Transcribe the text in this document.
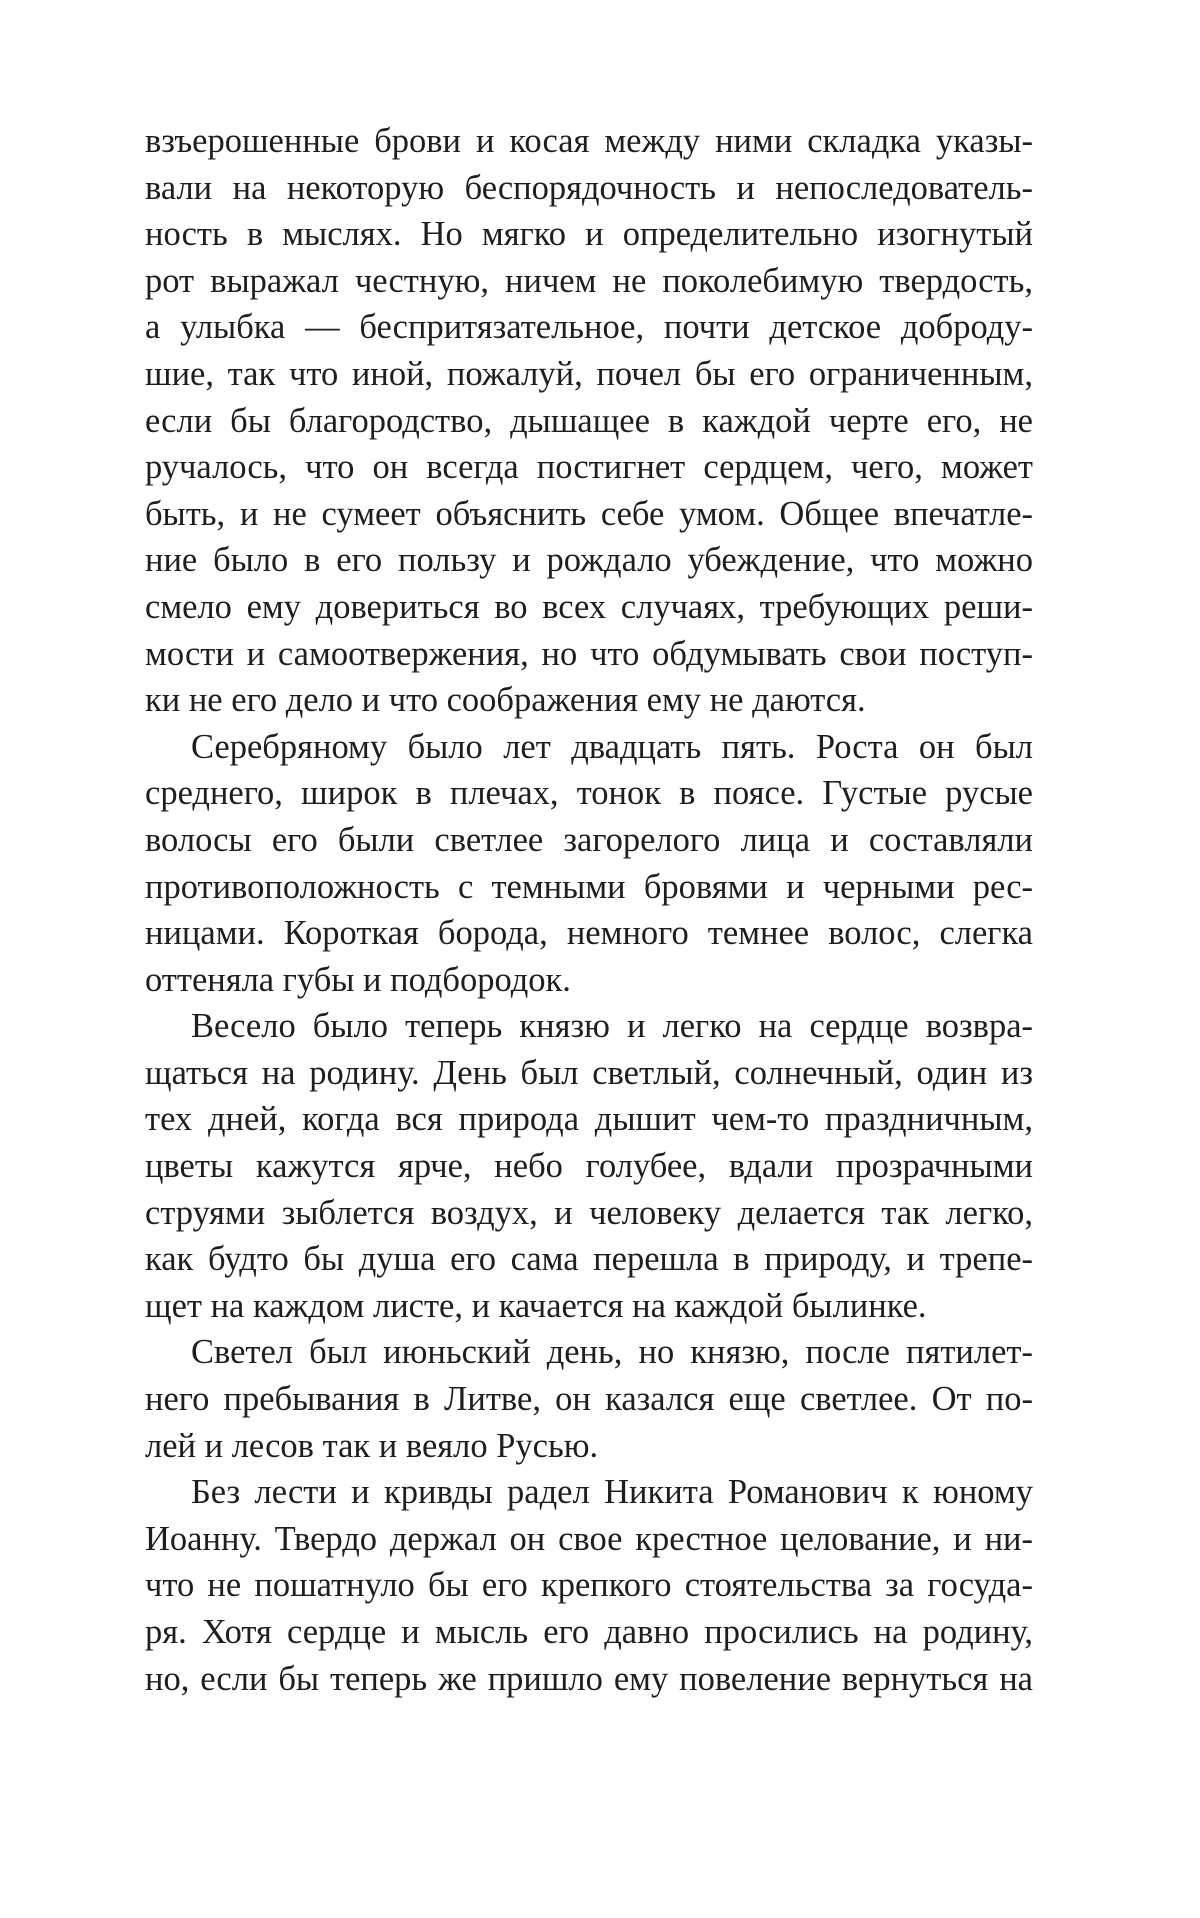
взъерошенные брови и косая между ними складка указы-
вали на некоторую беспорядочность и непоследователь-
ность в мыслях. Но мягко и определительно изогнутый
рот выражал честную, ничем не поколебимую твердость,
а улыбка — беспритязательное, почти детское доброду-
шие, так что иной, пожалуй, почел бы его ограниченным,
если бы благородство, дышащее в каждой черте его, не
ручалось, что он всегда постигнет сердцем, чего, может
быть, и не сумеет объяснить себе умом. Общее впечатле-
ние было в его пользу и рождало убеждение, что можно
смело ему довериться во всех случаях, требующих реши-
мости и самоотвержения, но что обдумывать свои поступ-
ки не его дело и что соображения ему не даются.
Серебряному было лет двадцать пять. Роста он был
среднего, широк в плечах, тонок в поясе. Густые русые
волосы его были светлее загорелого лица и составляли
противоположность с темными бровями и черными рес-
ницами. Короткая борода, немного темнее волос, слегка
оттеняла губы и подбородок.
Весело было теперь князю и легко на сердце возвра-
щаться на родину. День был светлый, солнечный, один из
тех дней, когда вся природа дышит чем-то праздничным,
цветы кажутся ярче, небо голубее, вдали прозрачными
струями зыблется воздух, и человеку делается так легко,
как будто бы душа его сама перешла в природу, и трепе-
щет на каждом листе, и качается на каждой былинке.
Светел был июньский день, но князю, после пятилет-
него пребывания в Литве, он казался еще светлее. От по-
лей и лесов так и веяло Русью.
Без лести и кривды радел Никита Романович к юному
Иоанну. Твердо держал он свое крестное целование, и ни-
что не пошатнуло бы его крепкого стоятельства за госуда-
ря. Хотя сердце и мысль его давно просились на родину,
но, если бы теперь же пришло ему повеление вернуться на
